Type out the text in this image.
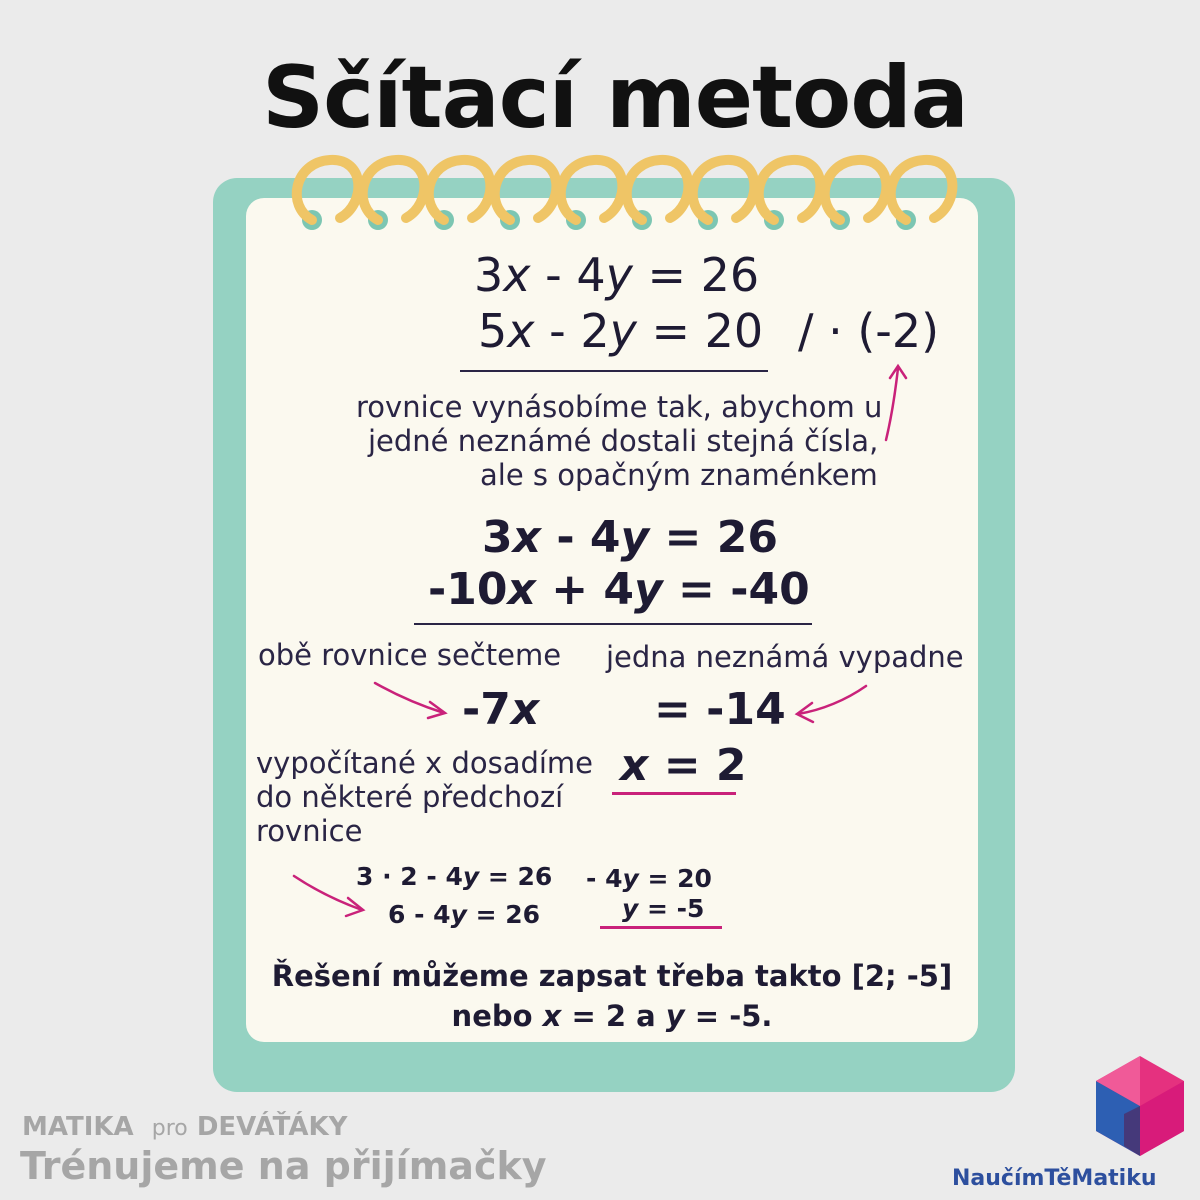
Sčítací metoda
3x - 4y = 26
5x - 2y = 20 / · (-2)
rovnice vynásobíme tak, abychom u
jedné neznámé dostali stejná čísla,
ale s opačným znaménkem
3x - 4y = 26
-10x + 4y = -40
obě rovnice sečteme jedna neznámá vypadne
-7x	= -14
vypočítané x dosadíme
do některé předchozí
rovnice
x = 2
3 · 2 - 4y = 26
6 - 4y = 26
- 4y = 20
y = -5
Řešení můžeme zapsat třeba takto [2; -5]
nebo x = 2 a y = -5.
MATIKA pro DEVÁŤÁKY
Trénujeme na přijímačky	NaučímTěMatiku
